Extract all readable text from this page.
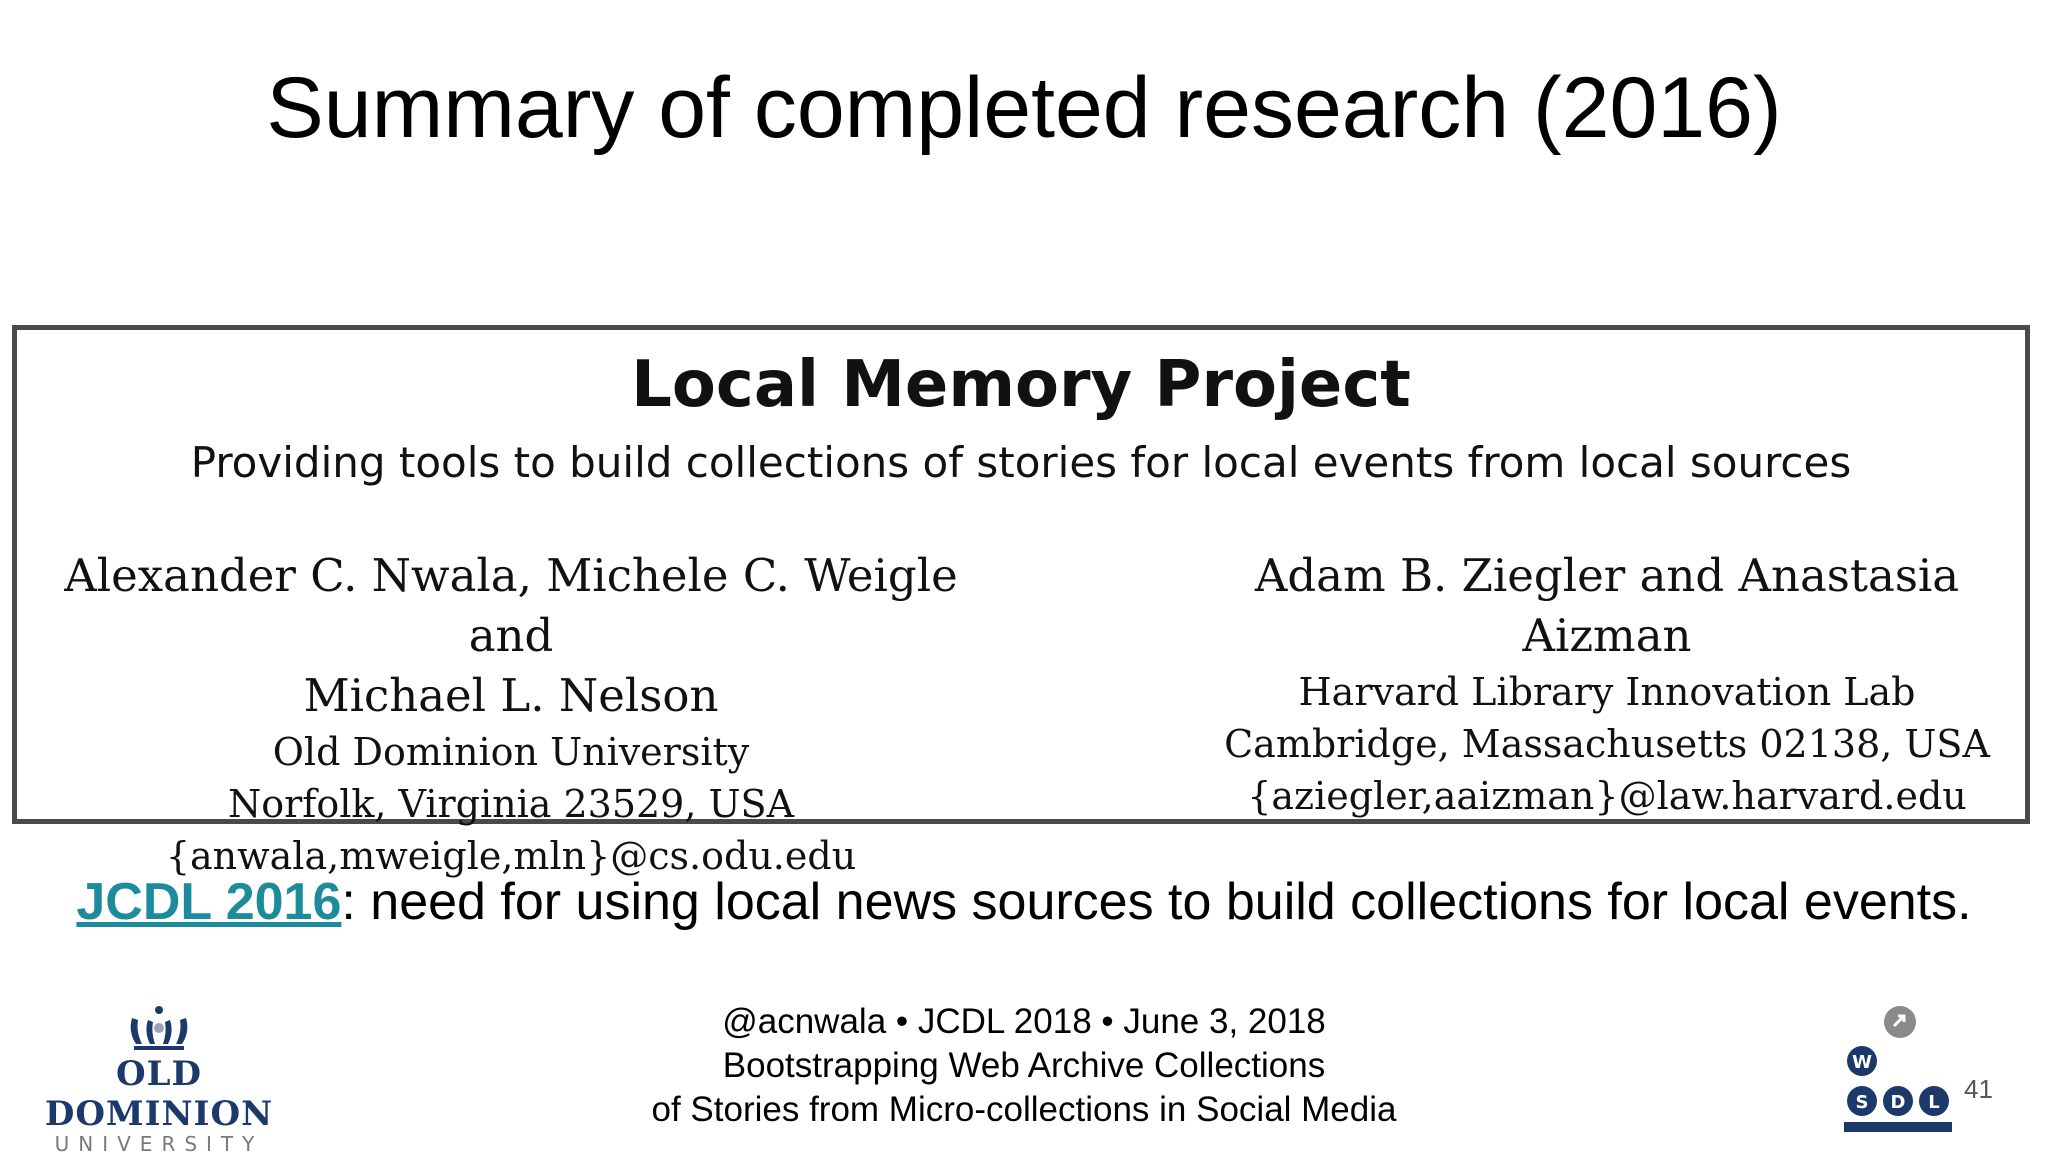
Summary of completed research (2016)
Local Memory Project
Providing tools to build collections of stories for local events from local sources
Alexander C. Nwala, Michele C. Weigle and
Michael L. Nelson
Old Dominion University
Norfolk, Virginia 23529, USA
{anwala,mweigle,mln}@cs.odu.edu
Adam B. Ziegler and Anastasia Aizman
Harvard Library Innovation Lab
Cambridge, Massachusetts 02138, USA
{aziegler,aaizman}@law.harvard.edu
JCDL 2016: need for using local news sources to build collections for local events.
@acnwala • JCDL 2018 • June 3, 2018
Bootstrapping Web Archive Collections
of Stories from Micro-collections in Social Media
OLD DOMINION
UNIVERSITY
W
S D L 41
